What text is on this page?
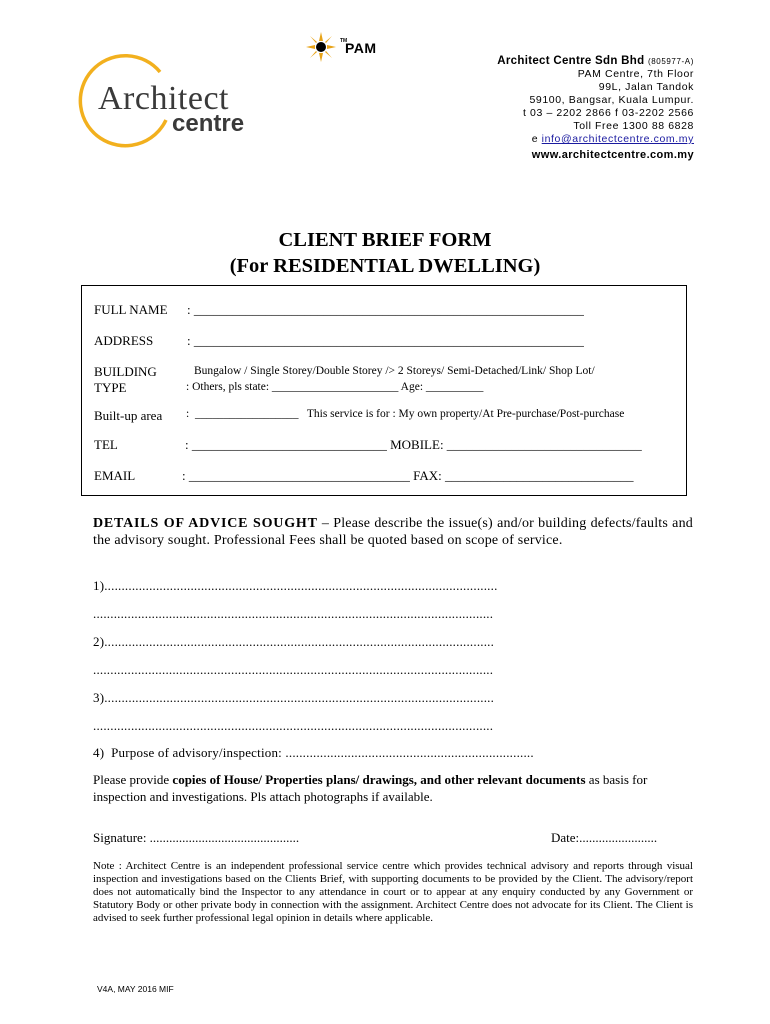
Architect
centre
TM
PAM
Architect Centre Sdn Bhd (805977-A)
PAM Centre, 7th Floor
99L, Jalan Tandok
59100, Bangsar, Kuala Lumpur.
t 03 – 2202 2866 f 03-2202 2566
Toll Free 1300 88 6828
e info@architectcentre.com.my
www.architectcentre.com.my
CLIENT BRIEF FORM
(For RESIDENTIAL DWELLING)
FULL NAME : ____________________________________________________________
ADDRESS	: ____________________________________________________________
BUILDING
TYPE
Bungalow / Single Storey/Double Storey /> 2 Storeys/ Semi-Detached/Link/ Shop Lot/
: Others, pls state: ______________________ Age: __________
Built-up area :  __________________   This service is for : My own property/At Pre-purchase/Post-purchase
TEL	: ______________________________ MOBILE: ______________________________
EMAIL	: __________________________________ FAX: _____________________________
DETAILS OF ADVICE SOUGHT – Please describe the issue(s) and/or building defects/faults and the advisory sought. Professional Fees shall be quoted based on scope of service.
1)..................................................................................................................
....................................................................................................................
2).................................................................................................................
....................................................................................................................
3).................................................................................................................
....................................................................................................................
4)  Purpose of advisory/inspection: ........................................................................
Please provide copies of House/ Properties plans/ drawings, and other relevant documents as basis for inspection and investigations. Pls attach photographs if available.
Signature: ..............................................	Date:........................
Note : Architect Centre is an independent professional service centre which provides technical advisory and reports through visual inspection and investigations based on the Clients Brief, with supporting documents to be provided by the Client. The advisory/report does not automatically bind the Inspector to any attendance in court or to appear at any enquiry conducted by any Government or Statutory Body or other private body in connection with the assignment. Architect Centre does not advocate for its Client. The Client is advised to seek further professional legal opinion in details where applicable.
V4A, MAY 2016 MIF
